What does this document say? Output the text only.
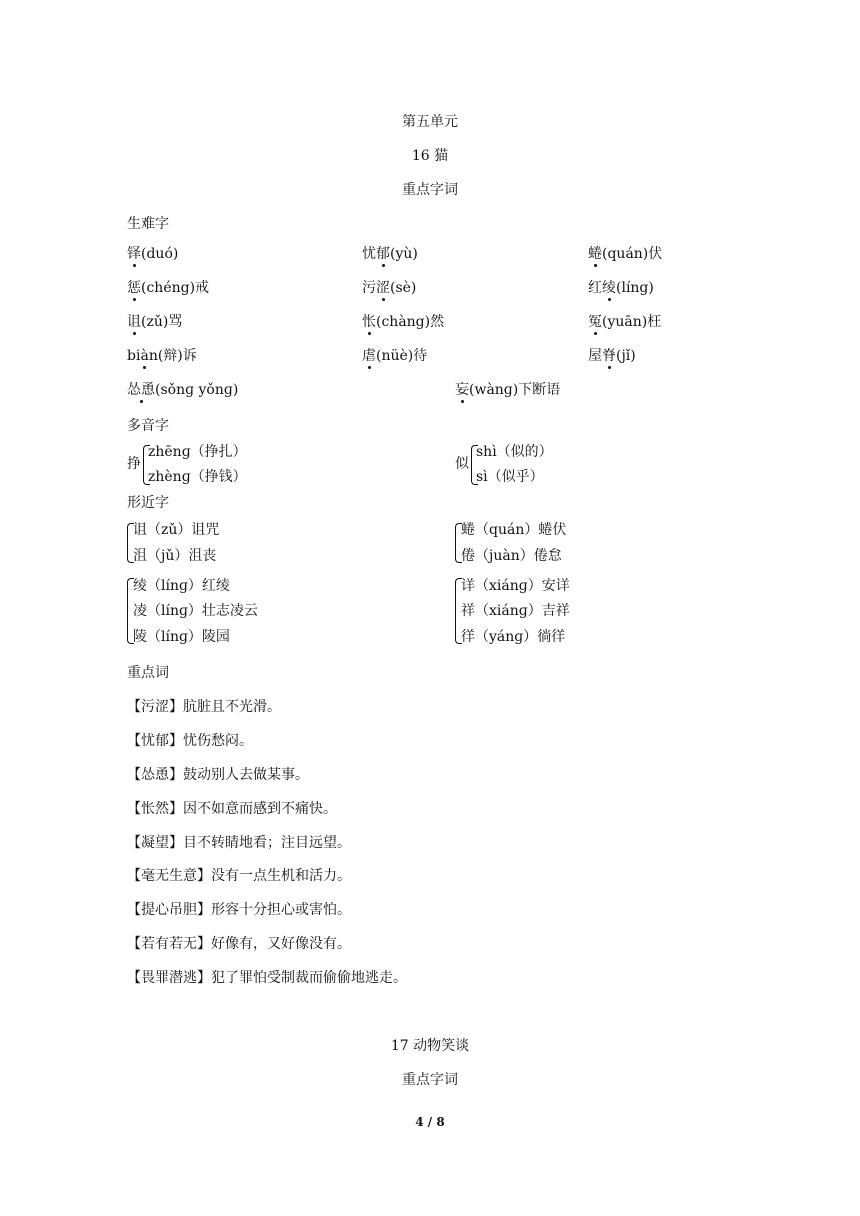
第五单元
16 猫
重点字词
生难字
铎(duó)	忧郁(yù)	蜷(quán)伏
惩(chéng)戒	污涩(sè)	红绫(líng)
诅(zǔ)骂	怅(chàng)然	冤(yuān)枉
biàn(辩)诉	虐(nüè)待	屋脊(jǐ)
怂恿(sǒnɡ yǒnɡ)	妄(wànɡ)下断语
多音字
挣
zhēnɡ（挣扎）
zhènɡ（挣钱）
似
shì（似的）
sì（似乎）
形近字
诅（zǔ）诅咒
沮（jǔ）沮丧
蜷（quán）蜷伏
倦（juàn）倦怠
绫（línɡ）红绫
凌（línɡ）壮志凌云
陵（línɡ）陵园
详（xiánɡ）安详
祥（xiánɡ）吉祥
徉（yánɡ）徜徉
重点词
【污涩】肮脏且不光滑。
【忧郁】忧伤愁闷。
【怂恿】鼓动别人去做某事。
【怅然】因不如意而感到不痛快。
【凝望】目不转睛地看；注目远望。
【毫无生意】没有一点生机和活力。
【提心吊胆】形容十分担心或害怕。
【若有若无】好像有，又好像没有。
【畏罪潜逃】犯了罪怕受制裁而偷偷地逃走。
17 动物笑谈
重点字词
4 / 8
